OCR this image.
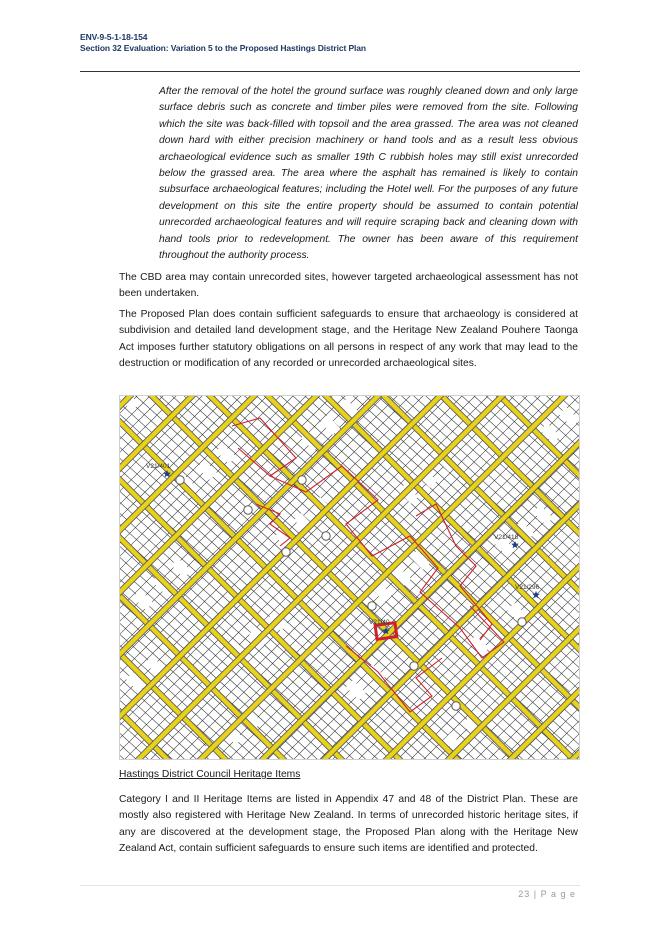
ENV-9-5-1-18-154
Section 32 Evaluation: Variation 5 to the Proposed Hastings District Plan
After the removal of the hotel the ground surface was roughly cleaned down and only large surface debris such as concrete and timber piles were removed from the site. Following which the site was back-filled with topsoil and the area grassed. The area was not cleaned down hard with either precision machinery or hand tools and as a result less obvious archaeological evidence such as smaller 19th C rubbish holes may still exist unrecorded below the grassed area. The area where the asphalt has remained is likely to contain subsurface archaeological features; including the Hotel well. For the purposes of any future development on this site the entire property should be assumed to contain potential unrecorded archaeological features and will require scraping back and cleaning down with hand tools prior to redevelopment. The owner has been aware of this requirement throughout the authority process.
The CBD area may contain unrecorded sites, however targeted archaeological assessment has not been undertaken.
The Proposed Plan does contain sufficient safeguards to ensure that archaeology is considered at subdivision and detailed land development stage, and the Heritage New Zealand Pouhere Taonga Act imposes further statutory obligations on all persons in respect of any work that may lead to the destruction or modification of any recorded or unrecorded archaeological sites.
V21/401
V21/418
V21/296
V21/40
Hastings District Council Heritage Items
Category I and II Heritage Items are listed in Appendix 47 and 48 of the District Plan. These are mostly also registered with Heritage New Zealand. In terms of unrecorded historic heritage sites, if any are discovered at the development stage, the Proposed Plan along with the Heritage New Zealand Act, contain sufficient safeguards to ensure such items are identified and protected.
23 | P a g e
